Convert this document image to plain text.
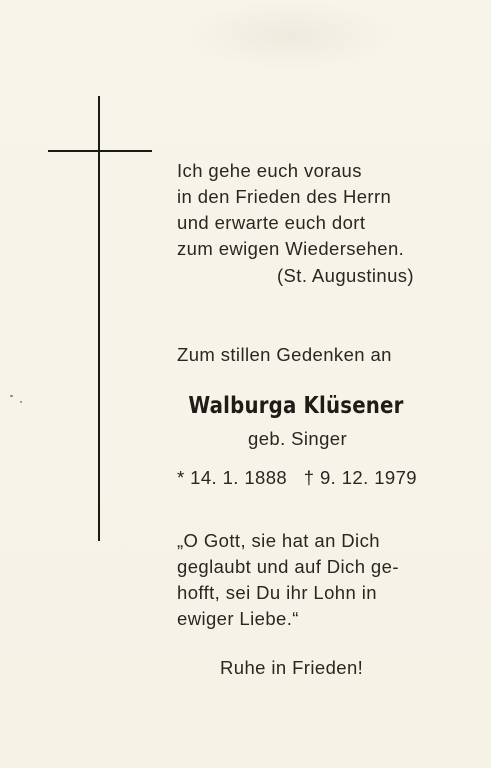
Ich gehe euch voraus
in den Frieden des Herrn
und erwarte euch dort
zum ewigen Wiedersehen.
(St. Augustinus)
Zum stillen Gedenken an
Walburga Klüsener
geb. Singer
* 14. 1. 1888   † 9. 12. 1979
„O Gott, sie hat an Dich
geglaubt und auf Dich ge-
hofft, sei Du ihr Lohn in
ewiger Liebe.“
Ruhe in Frieden!
